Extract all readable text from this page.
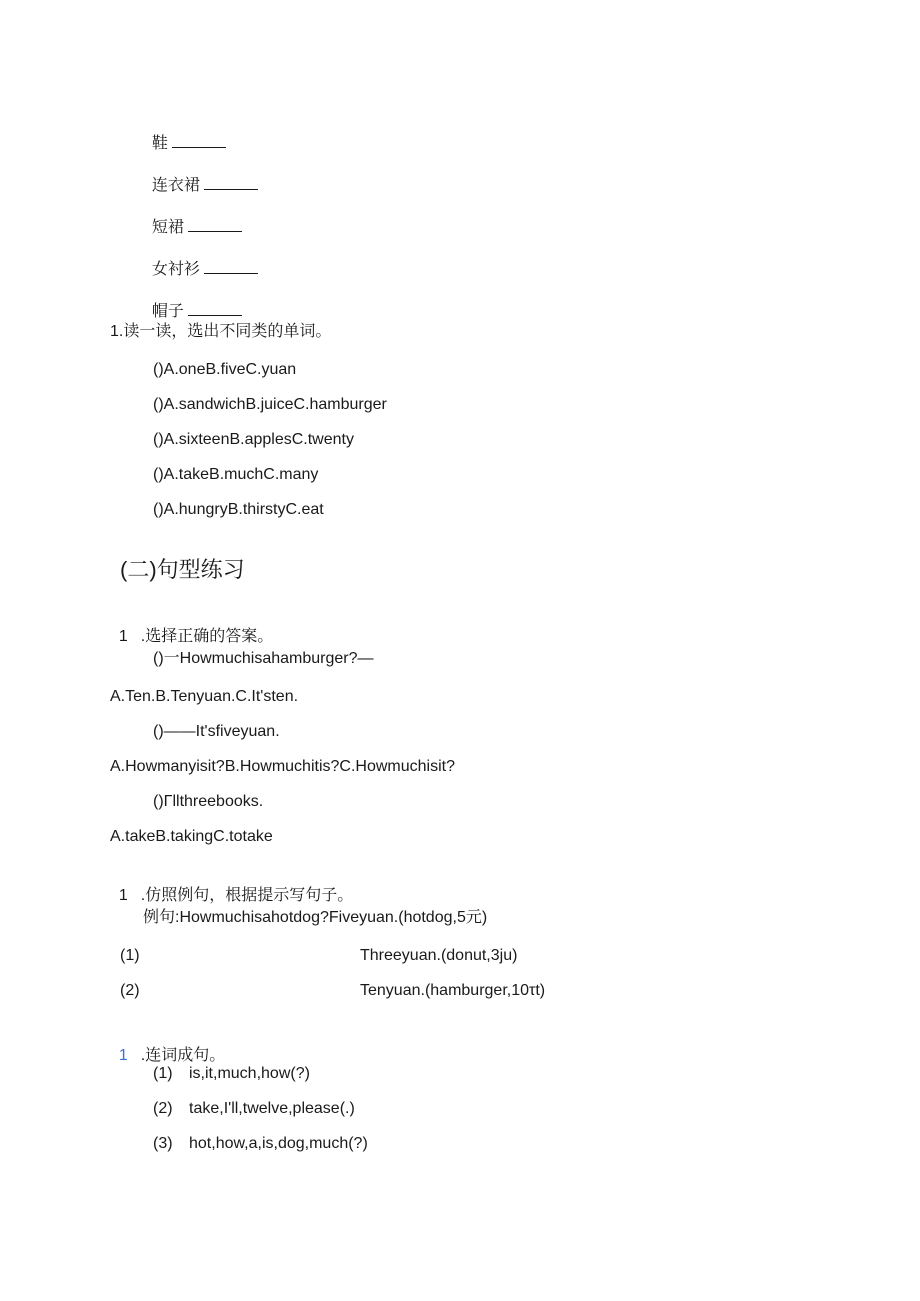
鞋

连衣裙

短裙

女衬衫

帽子

1.读一读，选出不同类的单词。
()A.oneB.fiveC.yuan
()A.sandwichB.juiceC.hamburger
()A.sixteenB.applesC.twenty
()A.takeB.muchC.many
()A.hungryB.thirstyC.eat
(二)句型练习

1 .选择正确的答案。

()一Howmuchisahamburger?—
A.Ten.B.Tenyuan.C.It'sten.
()——It'sfiveyuan.
A.Howmanyisit?B.Howmuchitis?C.Howmuchisit?
()Γllthreebooks.
A.takeB.takingC.totake

1 .仿照例句，根据提示写句子。

例句:Howmuchisahotdog?Fiveyuan.(hotdog,5元)
(1)	Threeyuan.(donut,3ju)
(2)	Tenyuan.(hamburger,10τt)

1 .连词成句。

(1) is,it,much,how(?)
(2) take,I'll,twelve,please(.)
(3) hot,how,a,is,dog,much(?)
